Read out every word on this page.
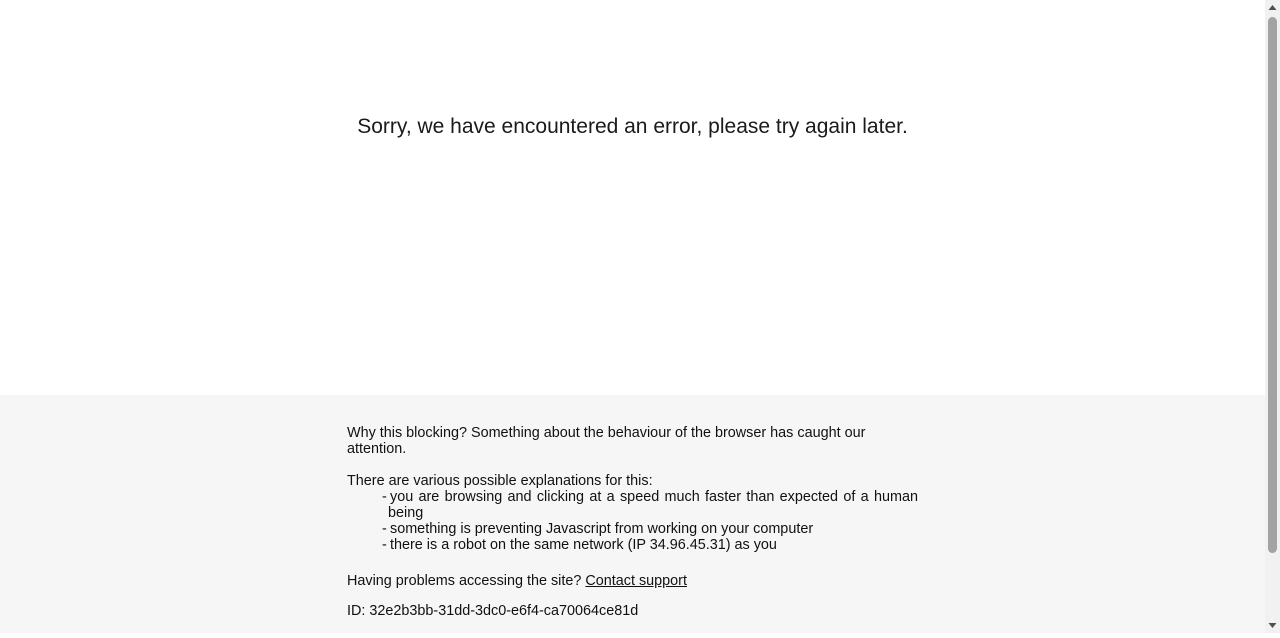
Sorry, we have encountered an error, please try again later.

Why this blocking? Something about the behaviour of the browser has caught our attention.

There are various possible explanations for this:

- you are browsing and clicking at a speed much faster than expected of a human being
- something is preventing Javascript from working on your computer
- there is a robot on the same network (IP 34.96.45.31) as you

Having problems accessing the site? Contact support

ID: 32e2b3bb-31dd-3dc0-e6f4-ca70064ce81d
